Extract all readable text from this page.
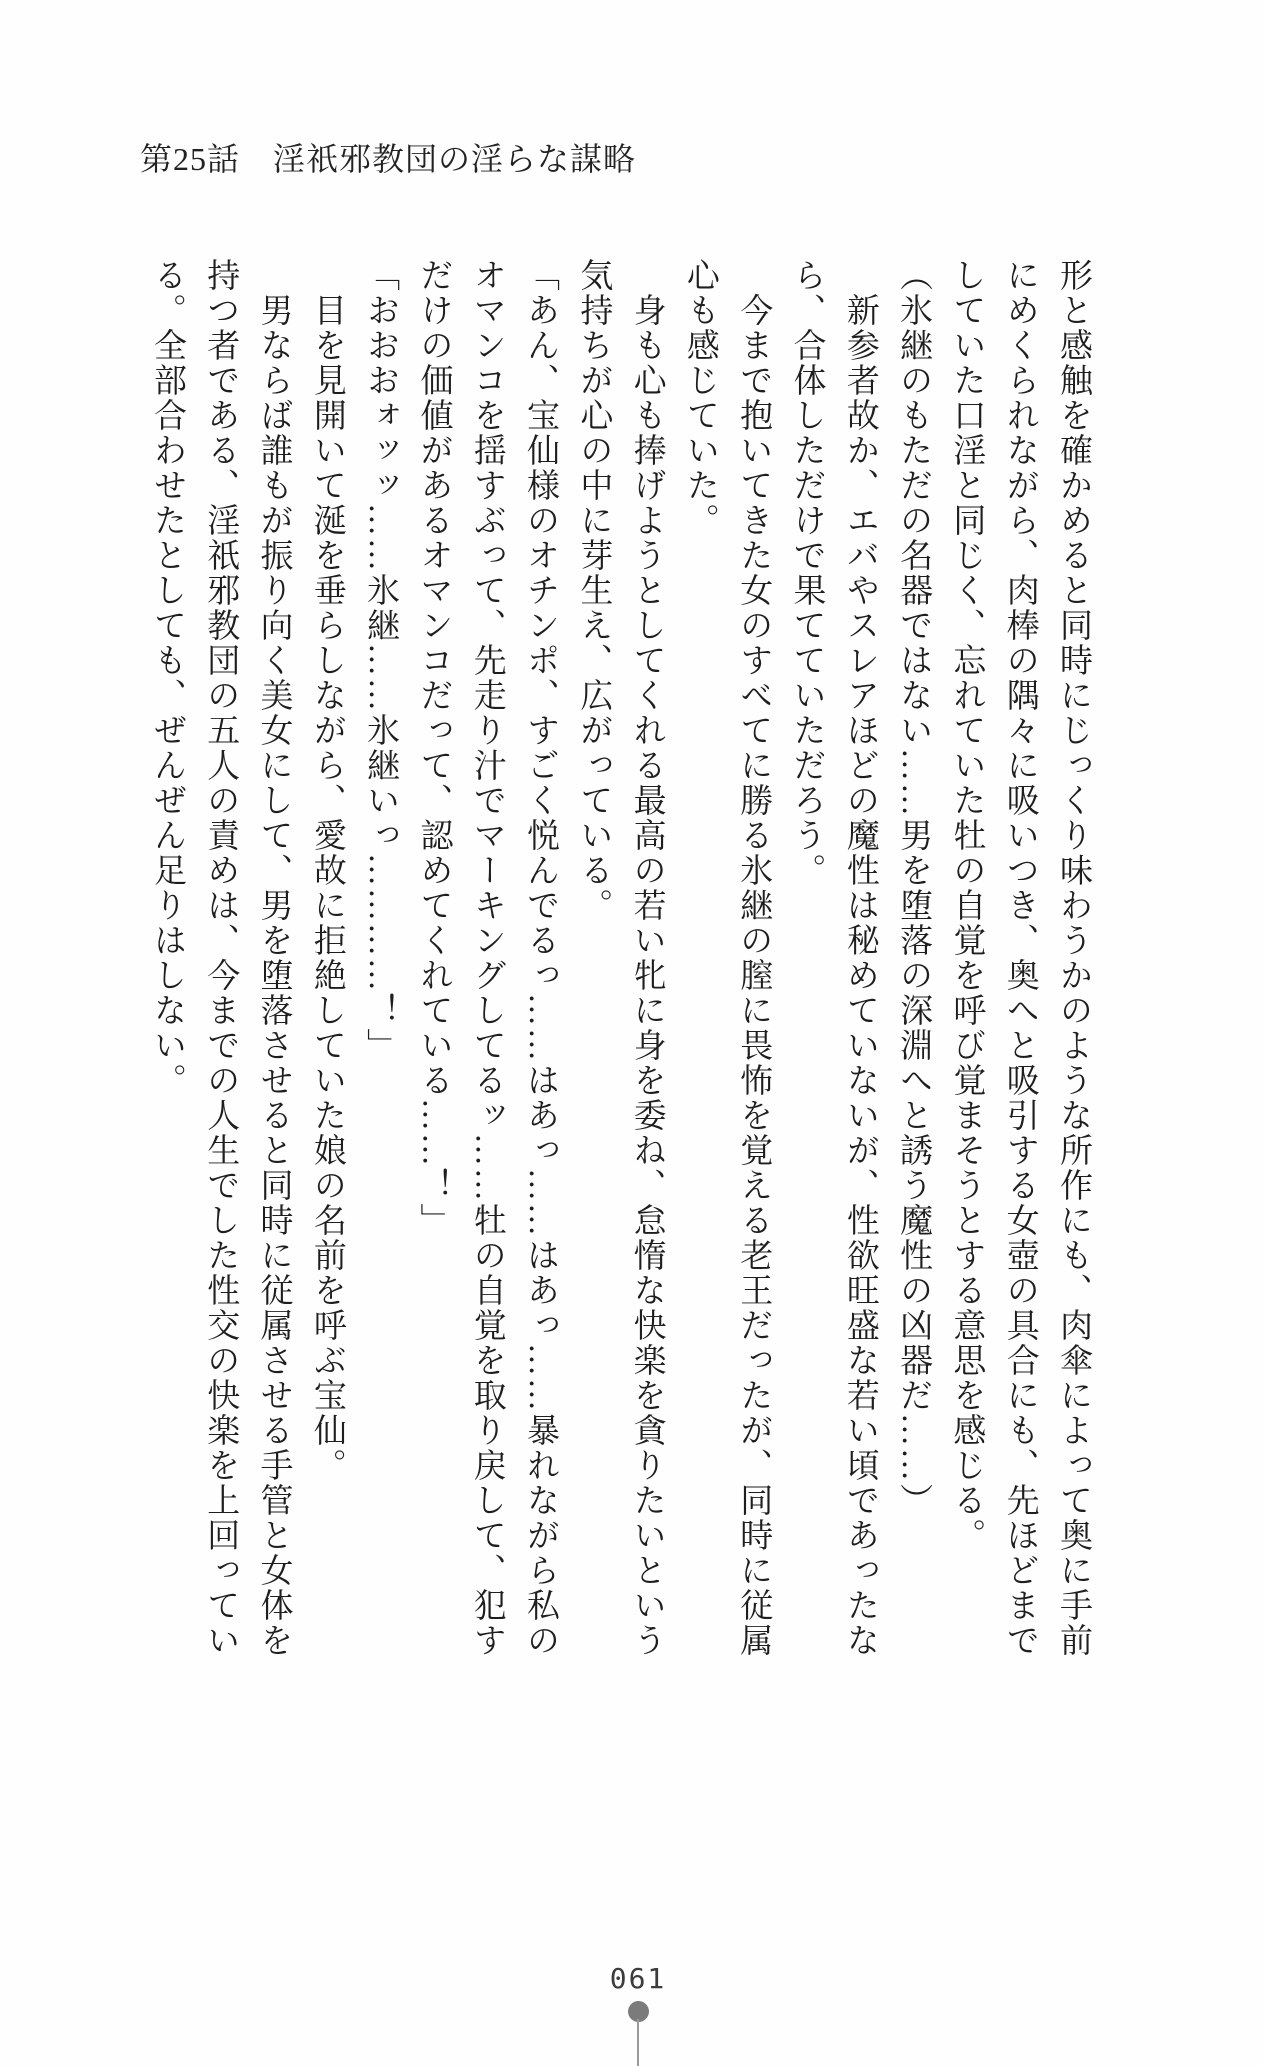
第25話　淫祇邪教団の淫らな謀略
形と感触を確かめると同時にじっくり味わうかのような所作にも、肉傘によって奥に手前
にめくられながら、肉棒の隅々に吸いつき、奥へと吸引する女壺の具合にも、先ほどまで
していた口淫と同じく、忘れていた牡の自覚を呼び覚まそうとする意思を感じる。
（氷継のもただの名器ではない……男を堕落の深淵へと誘う魔性の凶器だ……）
　新参者故か、エバやスレアほどの魔性は秘めていないが、性欲旺盛な若い頃であったな
ら、合体しただけで果てていただろう。
　今まで抱いてきた女のすべてに勝る氷継の膣に畏怖を覚える老王だったが、同時に従属
心も感じていた。
　身も心も捧げようとしてくれる最高の若い牝に身を委ね、怠惰な快楽を貪りたいという
気持ちが心の中に芽生え、広がっている。
「あん、宝仙様のオチンポ、すごく悦んでるっ……はあっ……はあっ……暴れながら私の
オマンコを揺すぶって、先走り汁でマーキングしてるッ……牡の自覚を取り戻して、犯す
だけの価値があるオマンコだって、認めてくれている……！」
「おおおォッッ……氷継……氷継いっ…………！」
　目を見開いて涎を垂らしながら、愛故に拒絶していた娘の名前を呼ぶ宝仙。
　男ならば誰もが振り向く美女にして、男を堕落させると同時に従属させる手管と女体を
持つ者である、淫祇邪教団の五人の責めは、今までの人生でした性交の快楽を上回ってい
る。全部合わせたとしても、ぜんぜん足りはしない。
061
